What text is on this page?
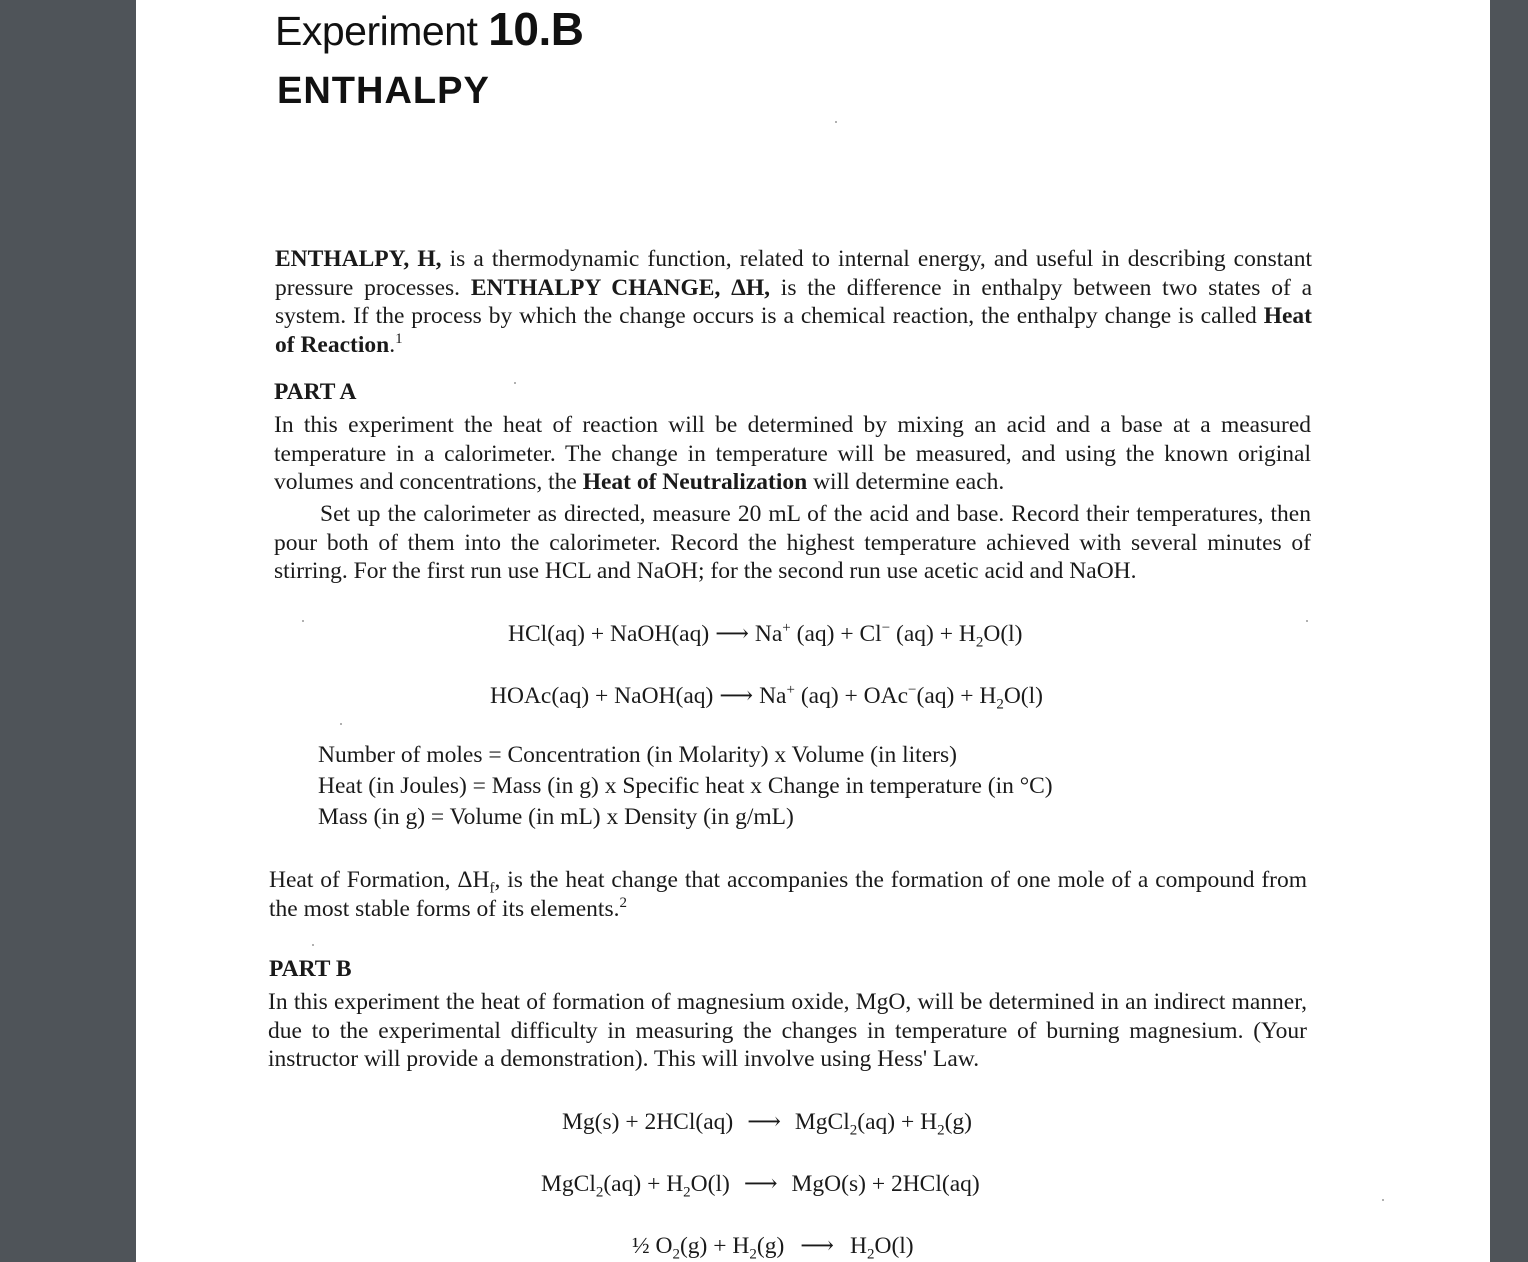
Experiment 10.B
ENTHALPY

ENTHALPY, H, is a thermodynamic function, related to internal energy, and useful in describing constant pressure processes. ENTHALPY CHANGE, ΔH, is the difference in enthalpy between two states of a system. If the process by which the change occurs is a chemical reaction, the enthalpy change is called Heat of Reaction.$^1$

PART A

In this experiment the heat of reaction will be determined by mixing an acid and a base at a measured temperature in a calorimeter. The change in temperature will be measured, and using the known original volumes and concentrations, the Heat of Neutralization will determine each.

Set up the calorimeter as directed, measure 20 mL of the acid and base. Record their temperatures, then pour both of them into the calorimeter. Record the highest temperature achieved with several minutes of stirring. For the first run use HCL and NaOH; for the second run use acetic acid and NaOH.

HCl(aq) + NaOH(aq) ⟶ Na+ (aq) + Cl− $(aq) + H_2O(l)$

HOAc(aq) + NaOH(aq) ⟶ Na+ $(aq) + OAc^-(aq) + H_2O(l)$

Number of moles = Concentration (in Molarity) x Volume (in liters)

Heat (in Joules) = Mass (in g) x Specific heat x Change in temperature (in °C)

Mass (in g) = Volume (in mL) x Density (in g/mL)

Heat of Formation, $\Delta H_f$, is the heat change that accompanies the formation of one mole of a compound from the most stable forms of its elements.$^2$

PART B

In this experiment the heat of formation of magnesium oxide, MgO, will be determined in an indirect manner, due to the experimental difficulty in measuring the changes in temperature of burning magnesium. (Your instructor will provide a demonstration). This will involve using Hess' Law.

Mg(s) + 2HCl(aq) ⟶ MgCl$_2$(aq) + $H_2(g)$

MgCl$_2$(aq) + $H_2O(l)$ ⟶ MgO(s) + 2HCl(aq)

½ $O_2(g) + H_2(g)$ ⟶ $H_2O(l)$
